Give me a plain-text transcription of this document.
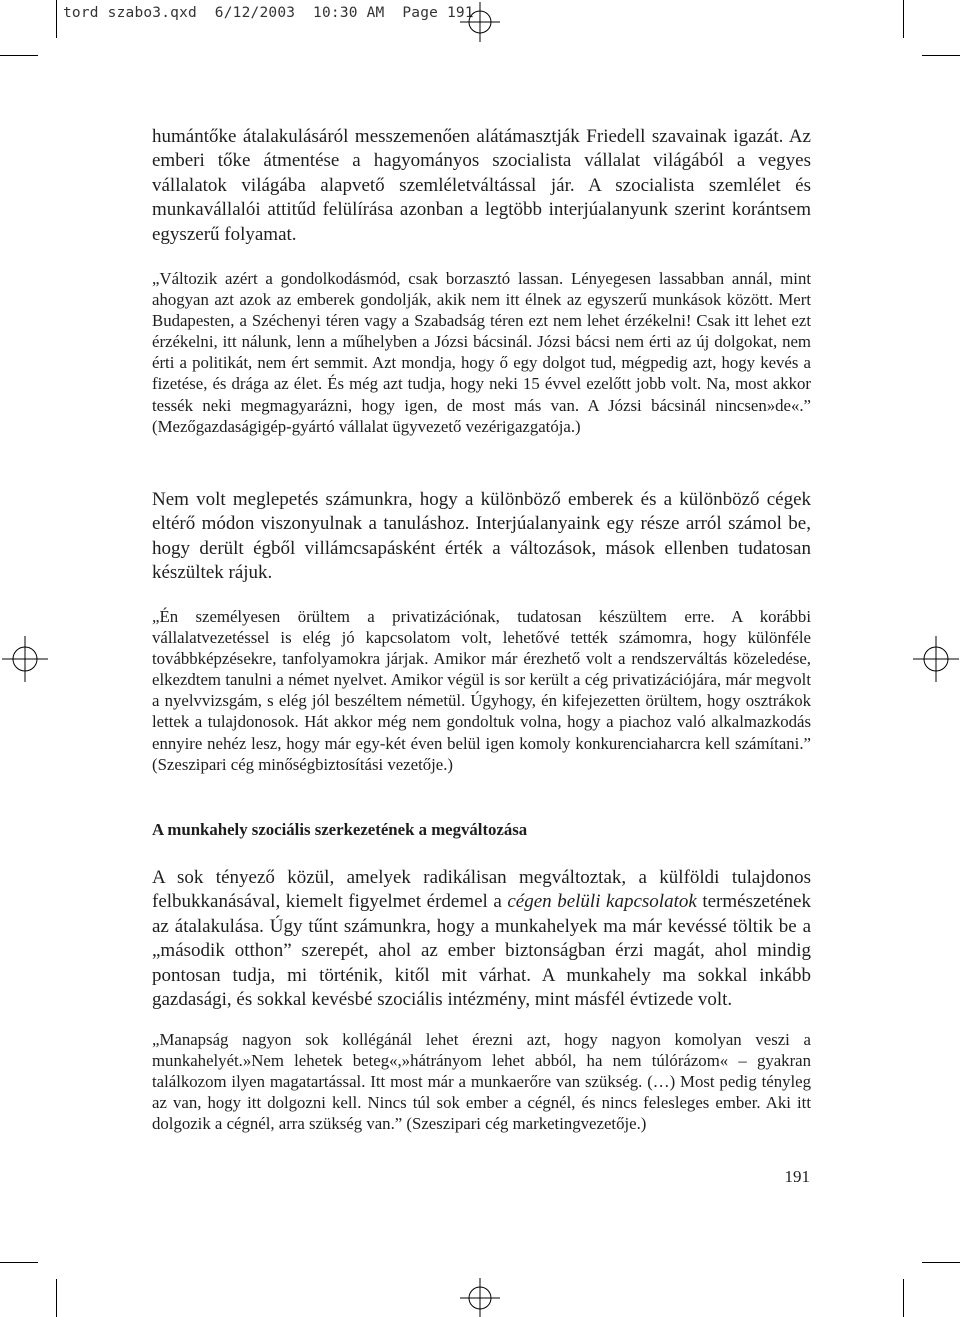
tord szabo3.qxd  6/12/2003  10:30 AM  Page 191

humántőke átalakulásáról messzemenően alátámasztják Friedell szavainak igazát. Az emberi tőke átmentése a hagyományos szocialista vállalat világából a vegyes vállalatok világába alapvető szemléletváltással jár. A szocialista szemlélet és munkavállalói attitűd felülírása azonban a legtöbb interjúalanyunk szerint korántsem egyszerű folyamat.

„Változik azért a gondolkodásmód, csak borzasztó lassan. Lényegesen lassabban annál, mint ahogyan azt azok az emberek gondolják, akik nem itt élnek az egyszerű munkások között. Mert Budapesten, a Széchenyi téren vagy a Szabadság téren ezt nem lehet érzékelni! Csak itt lehet ezt érzékelni, itt nálunk, lenn a műhelyben a Józsi bácsinál. Józsi bácsi nem érti az új dolgokat, nem érti a politikát, nem ért semmit. Azt mondja, hogy ő egy dolgot tud, mégpedig azt, hogy kevés a fizetése, és drága az élet. És még azt tudja, hogy neki 15 évvel ezelőtt jobb volt. Na, most akkor tessék neki megmagyarázni, hogy igen, de most más van. A Józsi bácsinál nincsen»de«.” (Mezőgazdaságigép-gyártó vállalat ügyvezető vezérigazgatója.)

Nem volt meglepetés számunkra, hogy a különböző emberek és a különböző cégek eltérő módon viszonyulnak a tanuláshoz. Interjúalanyaink egy része arról számol be, hogy derült égből villámcsapásként érték a változások, mások ellenben tudatosan készültek rájuk.

„Én személyesen örültem a privatizációnak, tudatosan készültem erre. A korábbi vállalatvezetéssel is elég jó kapcsolatom volt, lehetővé tették számomra, hogy különféle továbbképzésekre, tanfolyamokra járjak. Amikor már érezhető volt a rendszerváltás közeledése, elkezdtem tanulni a német nyelvet. Amikor végül is sor került a cég privatizációjára, már megvolt a nyelvvizsgám, s elég jól beszéltem németül. Úgyhogy, én kifejezetten örültem, hogy osztrákok lettek a tulajdonosok. Hát akkor még nem gondoltuk volna, hogy a piachoz való alkalmazkodás ennyire nehéz lesz, hogy már egy-két éven belül igen komoly konkurenciaharcra kell számítani.” (Szeszipari cég minőségbiztosítási vezetője.)

A munkahely szociális szerkezetének a megváltozása

A sok tényező közül, amelyek radikálisan megváltoztak, a külföldi tulajdonos felbukkanásával, kiemelt figyelmet érdemel a cégen belüli kapcsolatok természetének az átalakulása. Úgy tűnt számunkra, hogy a munkahelyek ma már kevéssé töltik be a „második otthon” szerepét, ahol az ember biztonságban érzi magát, ahol mindig pontosan tudja, mi történik, kitől mit várhat. A munkahely ma sokkal inkább gazdasági, és sokkal kevésbé szociális intézmény, mint másfél évtizede volt.

„Manapság nagyon sok kollégánál lehet érezni azt, hogy nagyon komolyan veszi a munkahelyét.»Nem lehetek beteg«,»hátrányom lehet abból, ha nem túlórázom« – gyakran találkozom ilyen magatartással. Itt most már a munkaerőre van szükség. (…) Most pedig tényleg az van, hogy itt dolgozni kell. Nincs túl sok ember a cégnél, és nincs felesleges ember. Aki itt dolgozik a cégnél, arra szükség van.” (Szeszipari cég marketingvezetője.)

191
